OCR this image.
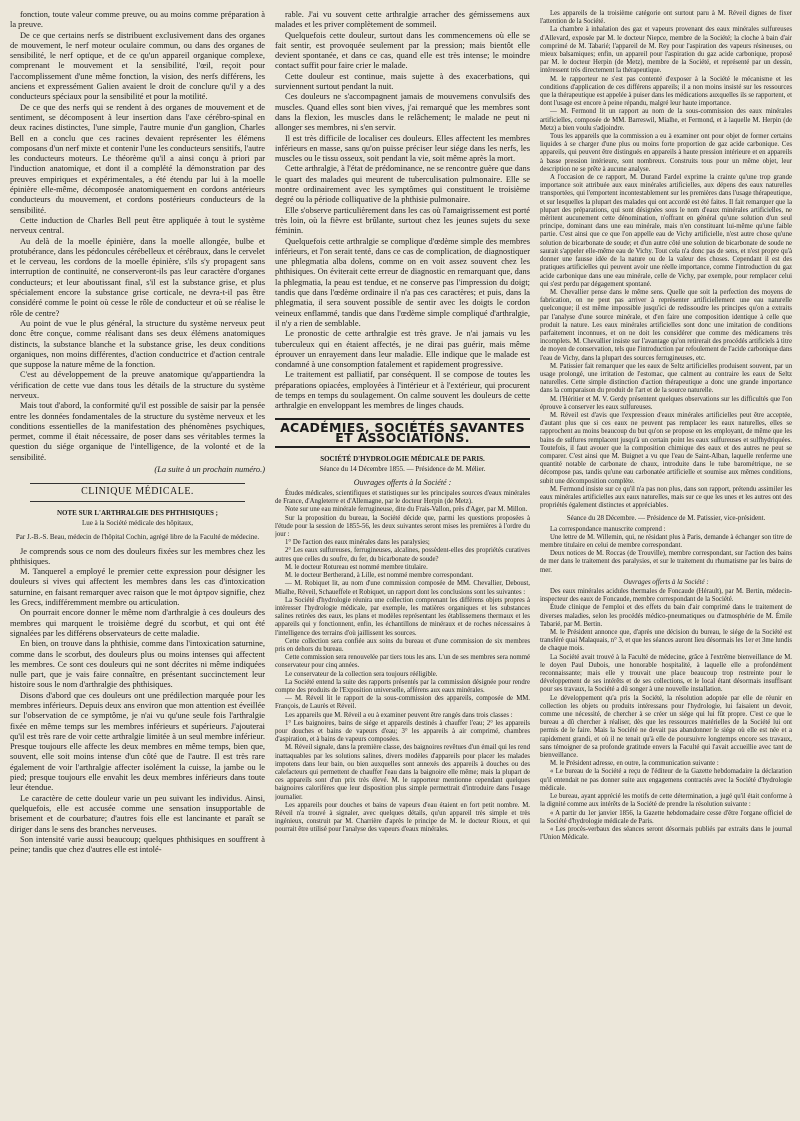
fonction, toute valeur comme preuve, ou au moins comme préparation à la preuve.

De ce que certains nerfs se distribuent exclusivement dans des organes de mouvement, le nerf moteur oculaire commun, ou dans des organes de sensibilité, le nerf optique, et de ce qu'un appareil organique complexe, comprenant le mouvement et la sensibilité, l'œil, reçoit pour l'accomplissement d'une même fonction, la vision, des nerfs différens, les anciens et expressément Galien avaient le droit de conclure qu'il y a des conducteurs spéciaux pour la sensibilité et pour la motilité.

De ce que des nerfs qui se rendent à des organes de mouvement et de sentiment, se décomposent à leur insertion dans l'axe cérébro-spinal en deux racines distinctes, l'une simple, l'autre munie d'un ganglion, Charles Bell en a conclu que ces racines devaient représenter les élémens composans d'un nerf mixte et contenir l'une les conducteurs sensitifs, l'autre les conducteurs moteurs. Le théorème qu'il a ainsi conçu à priori par l'induction anatomique, et dont il a complété la démonstration par des preuves empiriques et expérimentales, a été étendu par lui à la moelle épinière elle-même, décomposée anatomiquement en cordons antérieurs conducteurs du mouvement, et cordons postérieurs conducteurs de la sensibilité.

Cette induction de Charles Bell peut être appliquée à tout le système nerveux central.

Au delà de la moelle épinière, dans la moelle allongée, bulbe et protubérance, dans les pédoncules cérébelleux et cérébraux, dans le cervelet et le cerveau, les cordons de la moelle épinière, s'ils s'y propagent sans interruption de continuité, ne conserveront-ils pas leur caractère d'organes conducteurs; et leur aboutissant final, s'il est la substance grise, et plus spécialement encore la substance grise corticale, ne devra-t-il pas être considéré comme le point où cesse le rôle de conducteur et où se réalise le rôle de centre?

Au point de vue le plus général, la structure du système nerveux peut donc être conçue, comme réalisant dans ses deux élémens anatomiques distincts, la substance blanche et la substance grise, les deux conditions organiques, non moins différentes, d'action conductrice et d'action centrale que suppose la nature même de la fonction.

C'est au développement de la preuve anatomique qu'appartiendra la vérification de cette vue dans tous les détails de la structure du système nerveux.

Mais tout d'abord, la conformité qu'il est possible de saisir par la pensée entre les données fondamentales de la structure du système nerveux et les conditions essentielles de la manifestation des phénomènes psychiques, permet, comme il était nécessaire, de poser dans ses véritables termes la question du siége organique de l'intelligence, de la volonté et de la sensibilité.

(La suite à un prochain numéro.)

CLINIQUE MÉDICALE.

NOTE SUR L'ARTHRALGIE DES PHTHISIQUES ;

Lue à la Société médicale des hôpitaux,

Par J.-B.-S. Beau, médecin de l'hôpital Cochin, agrégé libre de la Faculté de médecine.

Je comprends sous ce nom des douleurs fixées sur les membres chez les phthisiques.

M. Tanquerel a employé le premier cette expression pour désigner les douleurs si vives qui affectent les membres dans les cas d'intoxication saturnine, en faisant remarquer avec raison que le mot ἀρτρον signifie, chez les Grecs, indifféremment membre ou articulation.

On pourrait encore donner le même nom d'arthralgie à ces douleurs des membres qui marquent le troisième degré du scorbut, et qui ont été signalées par les différens observateurs de cette maladie.

En bien, on trouve dans la phthisie, comme dans l'intoxication saturnine, comme dans le scorbut, des douleurs plus ou moins intenses qui affectent les membres. Ce sont ces douleurs qui ne sont décrites ni même indiquées nulle part, que je vais faire connaître, en présentant succinctement leur histoire sous le nom d'arthralgie des phthisiques.

Disons d'abord que ces douleurs ont une prédilection marquée pour les membres inférieurs. Depuis deux ans environ que mon attention est éveillée sur l'observation de ce symptôme, je n'ai vu qu'une seule fois l'arthralgie fixée en même temps sur les membres inférieurs et supérieurs. J'ajouterai qu'il est très rare de voir cette arthralgie limitée à un seul membre inférieur. Presque toujours elle affecte les deux membres en même temps, bien que, souvent, elle soit moins intense d'un côté que de l'autre. Il est très rare également de voir l'arthralgie affecter isolément la cuisse, la jambe ou le pied; presque toujours elle envahit les deux membres inférieurs dans toute leur étendue.

Le caractère de cette douleur varie un peu suivant les individus. Ainsi, quelquefois, elle est accusée comme une sensation insupportable de brisement et de courbature; d'autres fois elle est lancinante et paraît se diriger dans le sens des branches nerveuses.

Son intensité varie aussi beaucoup; quelques phthisiques en souffrent à peine; tandis que chez d'autres elle est intolé-

rable. J'ai vu souvent cette arthralgie arracher des gémissemens aux malades et les priver complètement de sommeil.

Quelquefois cette douleur, surtout dans les commencemens où elle se fait sentir, est provoquée seulement par la pression; mais bientôt elle devient spontanée, et dans ce cas, quand elle est très intense; le moindre contact suffit pour faire crier le malade.

Cette douleur est continue, mais sujette à des exacerbations, qui surviennent surtout pendant la nuit.

Ces douleurs ne s'accompagnent jamais de mouvemens convulsifs des muscles. Quand elles sont bien vives, j'ai remarqué que les membres sont dans la flexion, les muscles dans le relâchement; le malade ne peut ni allonger ses membres, ni s'en servir.

Il est très difficile de localiser ces douleurs. Elles affectent les membres inférieurs en masse, sans qu'on puisse préciser leur siége dans les nerfs, les muscles ou le tissu osseux, soit pendant la vie, soit même après la mort.

Cette arthralgie, à l'état de prédominance, ne se rencontre guère que dans le quart des malades qui meurent de tuberculisation pulmonaire. Elle se montre ordinairement avec les symptômes qui constituent le troisième degré ou la période colliquative de la phthisie pulmonaire.

Elle s'observe particulièrement dans les cas où l'amaigrissement est porté très loin, où la fièvre est brûlante, surtout chez les jeunes sujets du sexe féminin.

Quelquefois cette arthralgie se complique d'œdème simple des membres inférieurs, et l'on serait tenté, dans ce cas de complication, de diagnostiquer une phlegmatia alba dolens, comme on en voit assez souvent chez les phthisiques. On éviterait cette erreur de diagnostic en remarquant que, dans la phlegmatia, la peau est tendue, et ne conserve pas l'impression du doigt; tandis que dans l'œdème ordinaire il n'a pas ces caractères; et puis, dans la phlegmatia, il sera souvent possible de sentir avec les doigts le cordon veineux enflammé, tandis que dans l'œdème simple compliqué d'arthralgie, il n'y a rien de semblable.

Le pronostic de cette arthralgie est très grave. Je n'ai jamais vu les tuberculeux qui en étaient affectés, je ne dirai pas guérir, mais même éprouver un enrayement dans leur maladie. Elle indique que le malade est condamné à une consomption fatalement et rapidement progressive.

Le traitement est palliatif, par conséquent. Il se compose de toutes les préparations opiacées, employées à l'intérieur et à l'extérieur, qui procurent de temps en temps du soulagement. On calme souvent les douleurs de cette arthralgie en enveloppant les membres de linges chauds.

ACADÉMIES, SOCIÉTÉS SAVANTES ET ASSOCIATIONS.

SOCIÉTÉ D'HYDROLOGIE MÉDICALE DE PARIS.

Séance du 14 Décembre 1855. — Présidence de M. Mélier.

Ouvrages offerts à la Société :

Études médicales, scientifiques et statistiques sur les principales sources d'eaux minérales de France, d'Angleterre et d'Allemagne, par le docteur Herpin (de Metz).

Note sur une eau minérale ferrugineuse, dite du Frais-Vallon, près d'Ager, par M. Millon.

Sur la proposition du bureau, la Société décide que, parmi les questions proposées à l'étude pour la session de 1855-56, les deux suivantes seront mises les premières à l'ordre du jour :

1° De l'action des eaux minérales dans les paralysies;

2° Les eaux sulfureuses, ferrugineuses, alcalines, possèdent-elles des propriétés curatives autres que celles du soufre, du fer, du bicarbonate de soude?

M. le docteur Rotureau est nommé membre titulaire.

M. le docteur Bertherand, à Lille, est nommé membre correspondant.

— M. Robiquet lit, au nom d'une commission composée de MM. Chevallier, Deboust, Mialhe, Réveil, Schaueffele et Robiquet, un rapport dont les conclusions sont les suivantes :

La Société d'hydrologie réunira une collection comprenant les différens objets propres à intéresser l'hydrologie médicale, par exemple, les matières organiques et les substances salines retirées des eaux, les plans et modèles représentant les établissemens thermaux et les appareils qui y fonctionnent, enfin, les échantillons de minéraux et de roches nécessaires à l'intelligence des terrains d'où jaillissent les sources.

Cette collection sera confiée aux soins du bureau et d'une commission de six membres pris en dehors du bureau.

Cette commission sera renouvelée par tiers tous les ans. L'un de ses membres sera nommé conservateur pour cinq années.

Le conservateur de la collection sera toujours rééligible.

La Société entend la suite des rapports présentés par la commission désignée pour rendre compte des produits de l'Exposition universelle, afférens aux eaux minérales.

— M. Réveil lit le rapport de la sous-commission des appareils, composée de MM. François, de Laurès et Réveil.

Les appareils que M. Réveil a eu à examiner peuvent être rangés dans trois classes :

1° Les baignoires, bains de siége et appareils destinés à chauffer l'eau; 2° les appareils pour douches et bains de vapeurs d'eau; 3° les appareils à air comprimé, chambres d'aspiration, et à bains de vapeurs composées.

M. Réveil signale, dans la première classe, des baignoires revêtues d'un émail qui les rend inattaquables par les solutions salines, divers modèles d'appareils pour placer les malades impotens dans leur bain, ou bien auxquelles sont annexés des appareils à douches ou des calefacteurs qui permettent de chauffer l'eau dans la baignoire elle même; mais la plupart de ces appareils sont d'un prix très élevé. M. le rapporteur mentionne cependant quelques baignoires calorifères que leur disposition plus simple permettrait d'introduire dans l'usage journalier.

Les appareils pour douches et bains de vapeurs d'eau étaient en fort petit nombre. M. Réveil n'a trouvé à signaler, avec quelques détails, qu'un appareil très simple et très ingénieux, construit par M. Charrière d'après le principe de M. le docteur Rioux, et qui pourrait être utilisé pour l'analyse des vapeurs d'eaux minérales.

Les appareils de la troisième catégorie ont surtout paru à M. Réveil dignes de fixer l'attention de la Société.

La chambre à inhalation des gaz et vapeurs provenant des eaux minérales sulfureuses d'Allevard, exposée par M. le docteur Niepce, membre de la Société; la cloche à bain d'air comprimé de M. Tabarié; l'appareil de M. Rey pour l'aspiration des vapeurs résineuses, ou mieux balsamiques; enfin, un appareil pour l'aspiration du gaz acide carbonique, proposé par M. le docteur Herpin (de Metz), membre de la Société, et représenté par un dessin, intéressent très directement la thérapeutique.

M. le rapporteur ne s'est pas contenté d'exposer à la Société le mécanisme et les conditions d'application de ces différens appareils; il a non moins insisté sur les ressources que la thérapeutique est appelée à puiser dans les médications auxquelles ils se rapportent, et dont l'usage est encore à peine répandu, malgré leur haute importance.

— M. Fermond lit un rapport au nom de la sous-commission des eaux minérales artificielles, composée de MM. Barreswil, Mialhe, et Fermond, et à laquelle M. Herpin (de Metz) a bien voulu s'adjoindre.

Tous les appareils que la commission a eu à examiner ont pour objet de former certains liquides à se charger d'une plus ou moins forte proportion de gaz acide carbonique. Ces appareils, qui peuvent être distingués en appareils à haute pression intérieure et en appareils à basse pression intérieure, sont nombreux. Construits tous pour un même objet, leur description ne se prête à aucune analyse.

A l'occasion de ce rapport, M. Durand Fardel exprime la crainte qu'une trop grande importance soit attribuée aux eaux minérales artificielles, aux dépens des eaux naturelles transportées, qui l'emportent incontestablement sur les premières dans l'usage thérapeutique, et sur lesquelles la plupart des malades qui ont accordé est été faites. Il fait remarquer que la plupart des préparations, qui sont désignées sous le nom d'eaux minérales artificielles, ne méritent aucunement cette dénomination, n'offrant en général qu'une solution d'un seul principe, dominant dans une eau minérale, mais n'en constituant lui-même qu'une faible partie. C'est ainsi que ce que l'on appelle eau de Vichy artificielle, n'est autre chose qu'une solution de bicarbonate de soude; et d'un autre côté une solution de bicarbonate de soude ne saurait s'appeler elle-même eau de Vichy. Tout cela n'a donc pas de sens, et n'est propre qu'à donner une fausse idée de la nature ou de la valeur des choses. Cependant il est des pratiques artificielles qui peuvent avoir une réelle importance, comme l'introduction du gaz acide carbonique dans une eau minérale, celle de Vichy, par exemple, pour remplacer celui qui s'est perdu par dégagement spontané.

M. Chevallier pense dans le même sens. Quelle que soit la perfection des moyens de fabrication, on ne peut pas arriver à représenter artificiellement une eau naturelle quelconque; il est même impossible jusqu'ici de redissoudre les principes qu'on a extraits par l'analyse d'une source minérale, et d'en faire une composition identique à celle que produit la nature. Les eaux minérales artificielles sont donc une imitation de conditions parfaitement inconnues, et on ne doit les considérer que comme des médicamens très incomplets. M. Chevallier insiste sur l'avantage qu'on retirerait des procédés artificiels à titre de moyen de conservation, tels que l'introduction par refoulement de l'acide carbonique dans l'eau de Vichy, dans la plupart des sources ferrugineuses, etc.

M. Patissier fait remarquer que les eaux de Seltz artificielles produisent souvent, par un usage prolongé, une irritation de l'estomac, que calment au contraire les eaux de Seltz naturelles. Cette simple distinction d'action thérapeutique a donc une grande importance dans la comparaison du produit de l'art et de la source naturelle.

M. l'Héritier et M. V. Gerdy présentent quelques observations sur les difficultés que l'on éprouve à conserver les eaux sulfureuses.

M. Réveil est d'avis que l'expression d'eaux minérales artificielles peut être acceptée, d'autant plus que si ces eaux ne peuvent pas remplacer les eaux naturelles, elles se rapprochent au moins beaucoup du but qu'on se propose en les employant, de même que les bains de sulfures remplacent jusqu'à un certain point les eaux sulfureuses et sulfhydriquées. Toutefois, il faut avouer que la composition chimique des eaux et des autres ne peut se comparer. C'est ainsi que M. Buignet a vu que l'eau de Saint-Alban, laquelle renferme une quantité notable de carbonate de chaux, introduite dans le tube barométrique, ne se décompose pas, tandis qu'une eau carbonatée artificielle et soumise aux mêmes conditions, subit une décomposition complète.

M. Fermond insiste sur ce qu'il n'a pas non plus, dans son rapport, prétendu assimiler les eaux minérales artificielles aux eaux naturelles, mais sur ce que les unes et les autres ont des propriétés également distinctes et appréciables.

Séance du 28 Décembre. — Présidence de M. Patissier, vice-président.

La correspondance manuscrite comprend :

Une lettre de M. Willemin, qui, ne résidant plus à Paris, demande à échanger son titre de membre titulaire en celui de membre correspondant.

Deux notices de M. Roccas (de Trouville), membre correspondant, sur l'action des bains de mer dans le traitement des paralysies, et sur le traitement du rhumatisme par les bains de mer.

Ouvrages offerts à la Société :

Des eaux minérales acidules thermales de Foncaude (Hérault), par M. Bertin, médecin-inspecteur des eaux de Foncaude, membre correspondant de la Société.

Étude clinique de l'emploi et des effets du bain d'air comprimé dans le traitement de diverses maladies, selon les procédés médico-pneumatiques ou d'atmosphérie de M. Émile Tabarié, par M. Bertin.

M. le Président annonce que, d'après une décision du bureau, le siége de la Société est transféré quai Malaquais, n° 3, et que les séances auront lieu désormais les 1er et 3me lundis de chaque mois.

La Société avait trouvé à la Faculté de médecine, grâce à l'extrême bienveillance de M. le doyen Paul Dubois, une honorable hospitalité, à laquelle elle a profondément reconnaissante; mais elle y trouvait une place beaucoup trop restreinte pour le développement de ses intérêts et de ses collections, et le local étant désormais insuffisant pour ses travaux, la Société a dû songer à une nouvelle installation.

Le développement qu'a pris la Société, la résolution adoptée par elle de réunir en collection les objets ou produits intéressans pour l'hydrologie, lui faisaient un devoir, comme une nécessité, de chercher à se créer un siége qui lui fût propre. C'est ce que le bureau a dû chercher à réaliser, dès que les ressources matérielles de la Société lui ont permis de le faire. Mais la Société ne devait pas abandonner le siége où elle est née et a rapidement grandi, et où il ne tenait qu'à elle de poursuivre longtemps encore ses travaux, sans témoigner de sa profonde gratitude envers la Faculté qui l'avait accueillie avec tant de bienveillance.

M. le Président adresse, en outre, la communication suivante :

« Le bureau de la Société a reçu de l'éditeur de la Gazette hebdomadaire la déclaration qu'il entendait ne pas donner suite aux engagemens contractés avec la Société d'hydrologie médicale.

Le bureau, ayant apprécié les motifs de cette détermination, a jugé qu'il était conforme à la dignité comme aux intérêts de la Société de prendre la résolution suivante :

« A partir du 1er janvier 1856, la Gazette hebdomadaire cesse d'être l'organe officiel de la Société d'hydrologie médicale de Paris.

« Les procès-verbaux des séances seront désormais publiés par extraits dans le journal l'Union Médicale.
